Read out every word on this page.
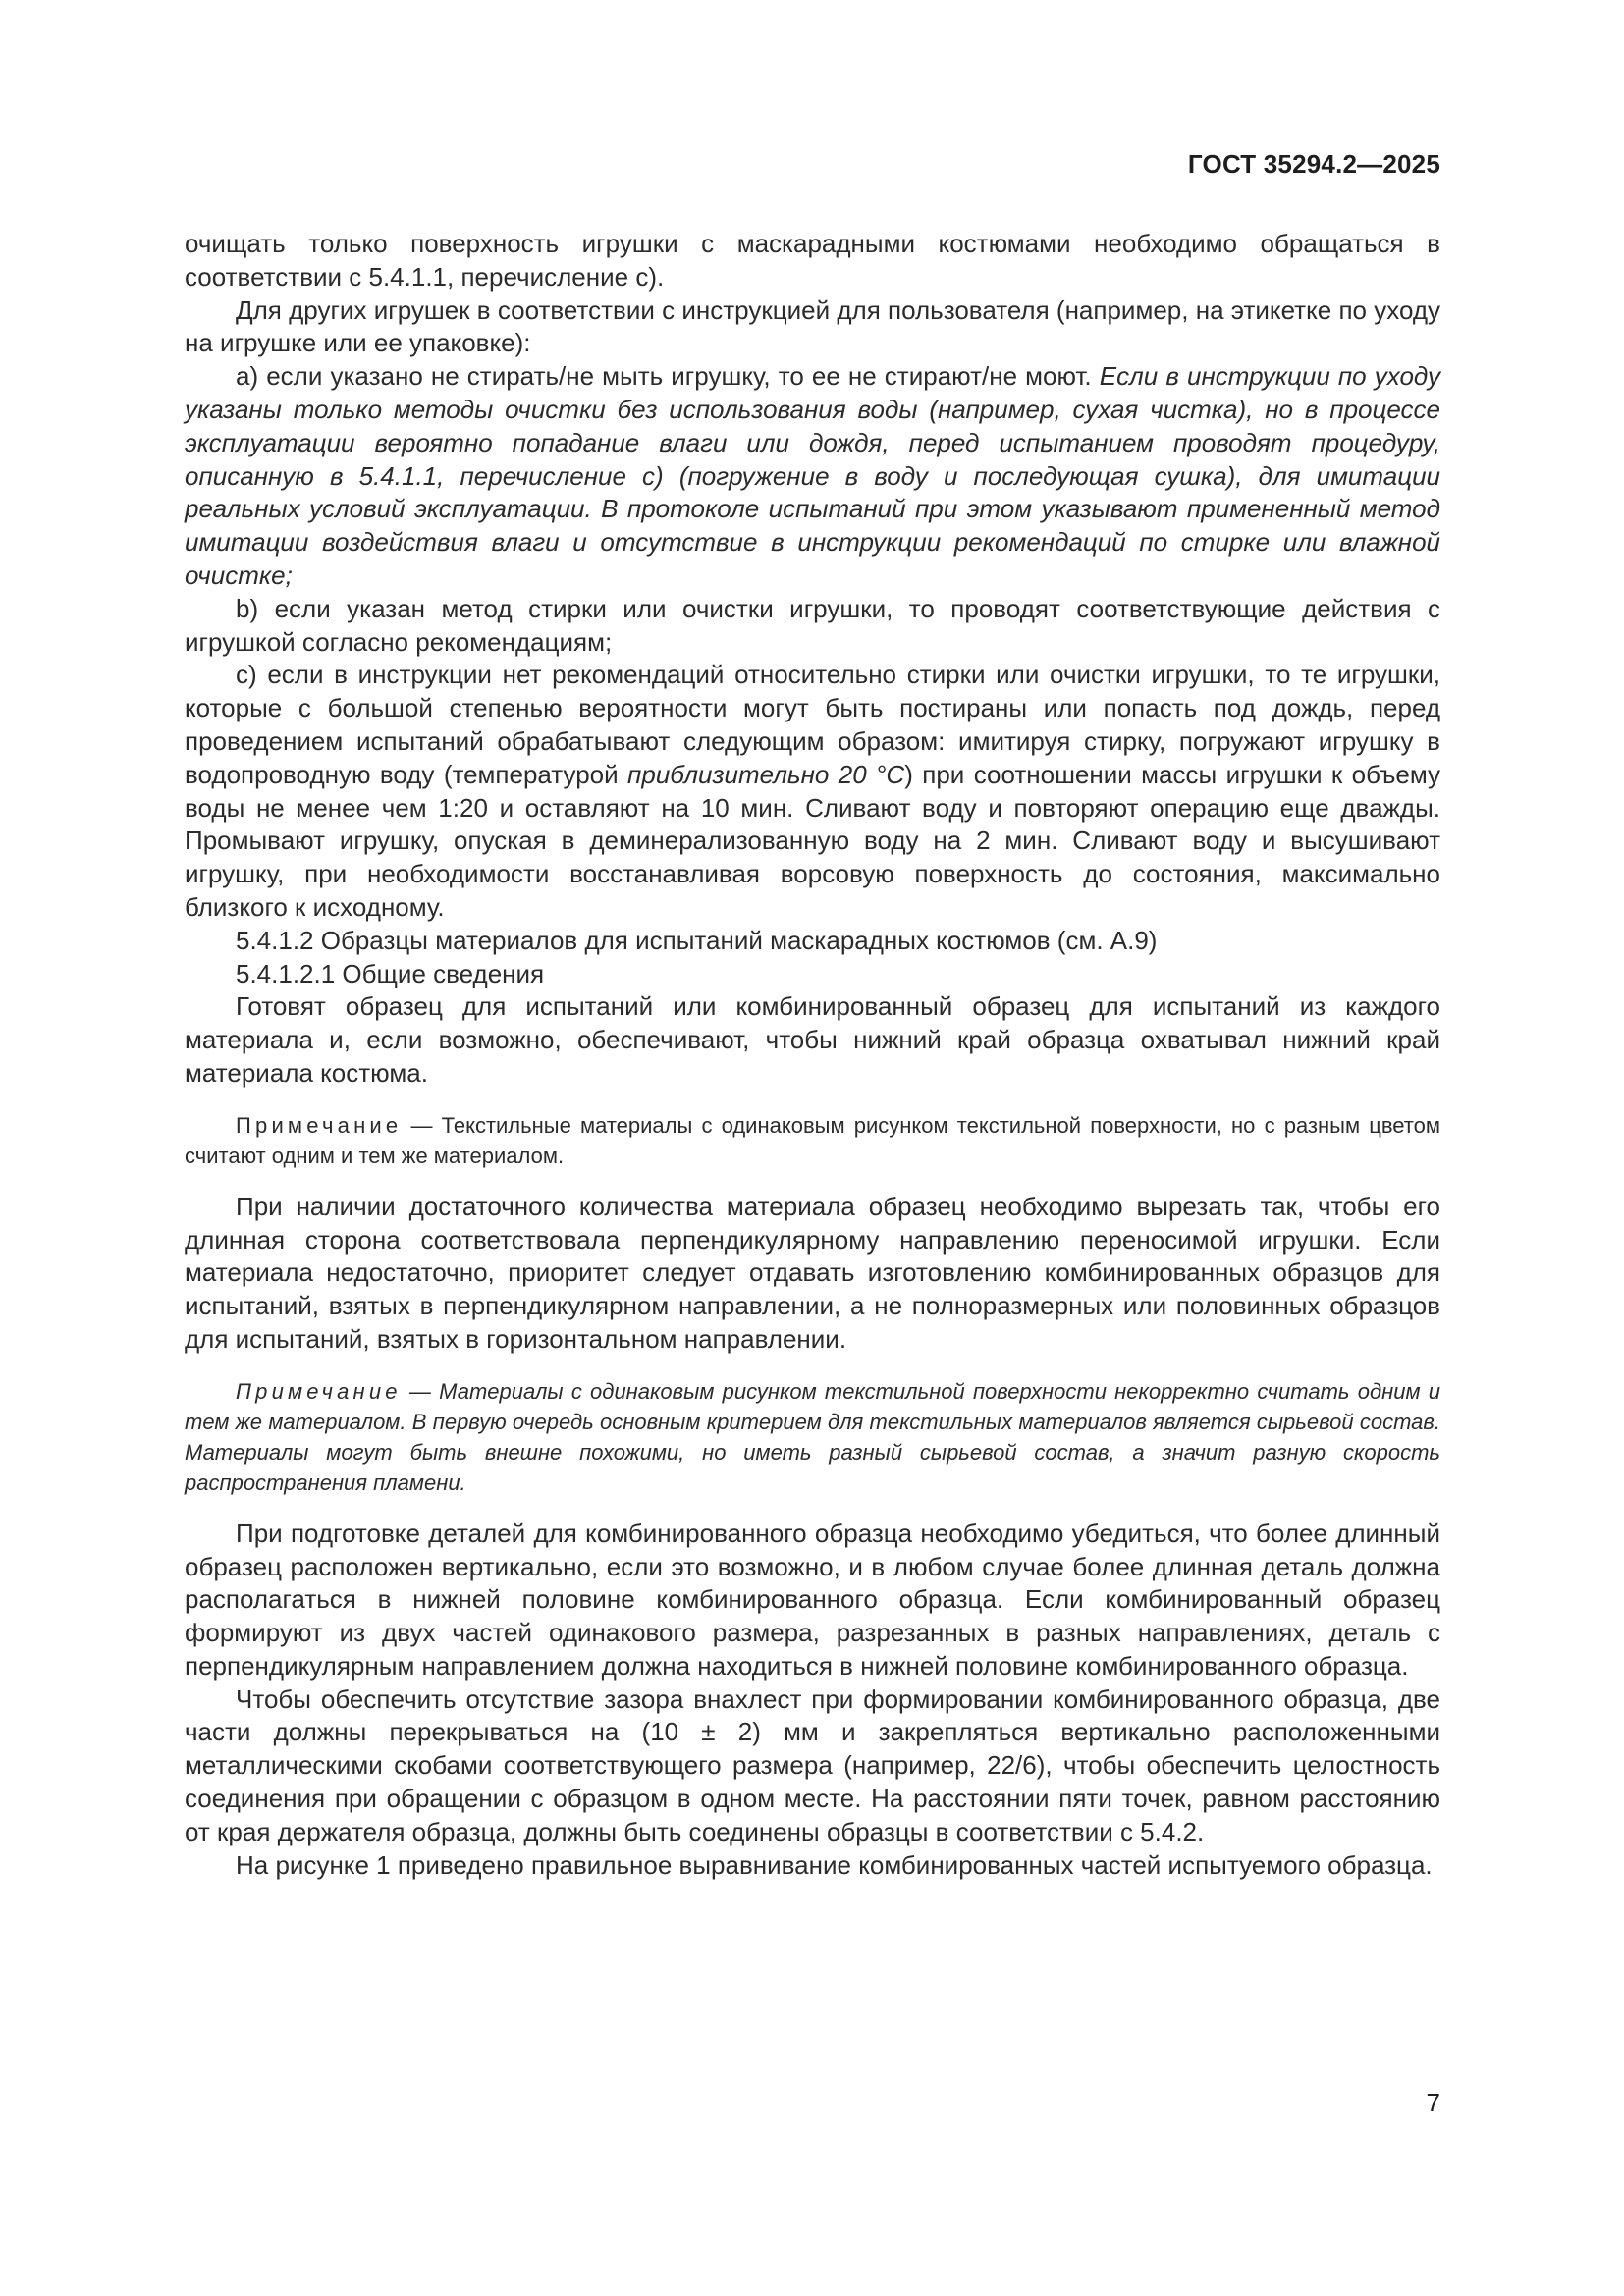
ГОСТ 35294.2—2025

очищать только поверхность игрушки с маскарадными костюмами необходимо обращаться в соответствии с 5.4.1.1, перечисление c).

Для других игрушек в соответствии с инструкцией для пользователя (например, на этикетке по уходу на игрушке или ее упаковке):

а) если указано не стирать/не мыть игрушку, то ее не стирают/не моют. Если в инструкции по уходу указаны только методы очистки без использования воды (например, сухая чистка), но в процессе эксплуатации вероятно попадание влаги или дождя, перед испытанием проводят процедуру, описанную в 5.4.1.1, перечисление с) (погружение в воду и последующая сушка), для имитации реальных условий эксплуатации. В протоколе испытаний при этом указывают примененный метод имитации воздействия влаги и отсутствие в инструкции рекомендаций по стирке или влажной очистке;

b) если указан метод стирки или очистки игрушки, то проводят соответствующие действия с игрушкой согласно рекомендациям;

c) если в инструкции нет рекомендаций относительно стирки или очистки игрушки, то те игрушки, которые с большой степенью вероятности могут быть постираны или попасть под дождь, перед проведением испытаний обрабатывают следующим образом: имитируя стирку, погружают игрушку в водопроводную воду (температурой приблизительно 20 °С) при соотношении массы игрушки к объему воды не менее чем 1:20 и оставляют на 10 мин. Сливают воду и повторяют операцию еще дважды. Промывают игрушку, опуская в деминерализованную воду на 2 мин. Сливают воду и высушивают игрушку, при необходимости восстанавливая ворсовую поверхность до состояния, максимально близкого к исходному.

5.4.1.2 Образцы материалов для испытаний маскарадных костюмов (см. А.9)

5.4.1.2.1 Общие сведения

Готовят образец для испытаний или комбинированный образец для испытаний из каждого материала и, если возможно, обеспечивают, чтобы нижний край образца охватывал нижний край материала костюма.

Примечание — Текстильные материалы с одинаковым рисунком текстильной поверхности, но с разным цветом считают одним и тем же материалом.

При наличии достаточного количества материала образец необходимо вырезать так, чтобы его длинная сторона соответствовала перпендикулярному направлению переносимой игрушки. Если материала недостаточно, приоритет следует отдавать изготовлению комбинированных образцов для испытаний, взятых в перпендикулярном направлении, а не полноразмерных или половинных образцов для испытаний, взятых в горизонтальном направлении.

Примечание — Материалы с одинаковым рисунком текстильной поверхности некорректно считать одним и тем же материалом. В первую очередь основным критерием для текстильных материалов является сырьевой состав. Материалы могут быть внешне похожими, но иметь разный сырьевой состав, а значит разную скорость распространения пламени.

При подготовке деталей для комбинированного образца необходимо убедиться, что более длинный образец расположен вертикально, если это возможно, и в любом случае более длинная деталь должна располагаться в нижней половине комбинированного образца. Если комбинированный образец формируют из двух частей одинакового размера, разрезанных в разных направлениях, деталь с перпендикулярным направлением должна находиться в нижней половине комбинированного образца.

Чтобы обеспечить отсутствие зазора внахлест при формировании комбинированного образца, две части должны перекрываться на (10 ± 2) мм и закрепляться вертикально расположенными металлическими скобами соответствующего размера (например, 22/6), чтобы обеспечить целостность соединения при обращении с образцом в одном месте. На расстоянии пяти точек, равном расстоянию от края держателя образца, должны быть соединены образцы в соответствии с 5.4.2.

На рисунке 1 приведено правильное выравнивание комбинированных частей испытуемого образца.

7
